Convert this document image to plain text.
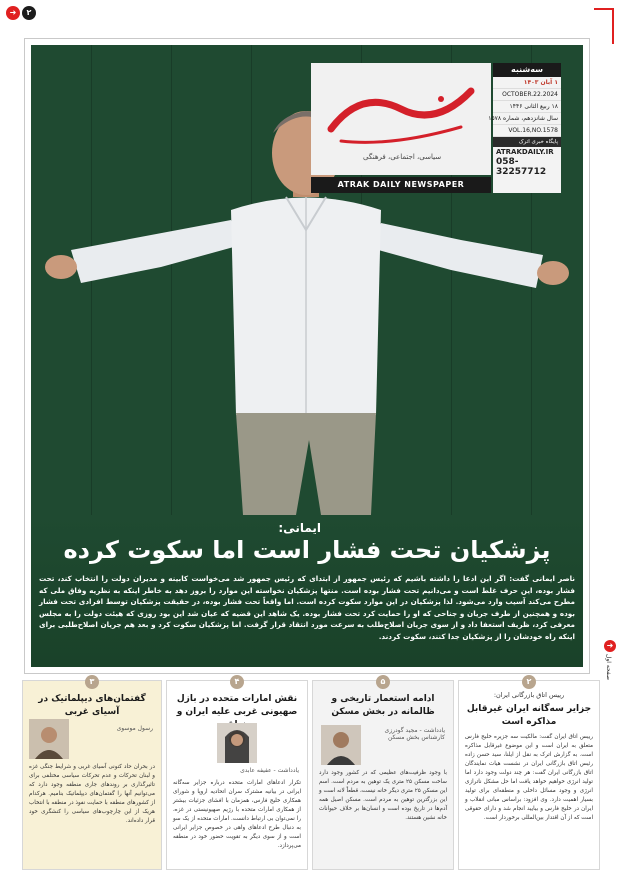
➜	۲
سیاسی، اجتماعی، فرهنگی
ATRAK DAILY NEWSPAPER
سه‌شنبه
۱ آبان ۱۴۰۳
OCTOBER.22.2024
۱۸ ربیع الثانی ۱۴۴۶
سال شانزدهم، شماره ۱۵۷۸
VOL.16,NO.1578
پایگاه خبری اترک
ATRAKDAILY.IR
058-32257712
ایمانی:
پزشکیان تحت فشار است اما سکوت کرده
ناصر ایمانی گفت: اگر این ادعا را داشته باشیم که رئیس جمهور از ابتدای که رئیس جمهور شد می‌خواست کابینه و مدیران دولت را انتخاب کند، تحت فشار بوده، این حرف غلط است و می‌دانیم تحت فشار بوده است. منتها پزشکیان نخواسته این موارد را بروز دهد به خاطر اینکه به نظریه وفاق ملی که مطرح می‌کند آسیب وارد می‌شود. لذا پزشکیان در این موارد سکوت کرده است. اما واقعاً تحت فشار بوده، در حقیقت پزشکیان توسط افرادی تحت فشار بوده و همچنین از طرف جریان و جناحی که او را حمایت کرد تحت فشار بوده. یک شاهد این قضیه که عیان شد این بود روزی که هیئت دولت را به مجلس معرفی کرد، ظریف استعفا داد و از سوی جریان اصلاح‌طلب به سرعت مورد انتقاد قرار گرفت. اما پزشکیان سکوت کرد و بعد هم جریان اصلاح‌طلبی برای اینکه راه خودشان را از پزشکیان جدا کنند، سکوت کردند.
➜
صفحه اول
۲
رییس اتاق بازرگانی ایران:
جزایر سه‌گانه ایران غیرقابل مذاکره است
رییس اتاق ایران گفت: مالکیت سه جزیره خلیج فارس متعلق به ایران است و این موضوع غیرقابل مذاکره است. به گزارش اترک به نقل از ایلنا، سید حسن زاده رئیس اتاق بازرگانی ایران در نشست هیات نمایندگان اتاق بازرگانی ایران گفت: هر چند دولت وجود دارد اما تولید انرژی خواهیم خواهد یافت اما حل مشکل ناترازی انرژی و وجود مسائل داخلی و منطقه‌ای برای تولید بسیار اهمیت دارد. وی افزود: براساس مبانی انقلاب و ایران در خلیج فارس و بیایید انجام شد و دارای حقوقی است که از آن اقتدار بین‌المللی برخوردار است.
۵
ادامه استعمار تاریخی و ظالمانه در بخش مسکن
یادداشت - مجید گودرزی
کارشناس بخش مسکن
با وجود ظرفیت‌های عظیمی که در کشور وجود دارد ساخت مسکن ۲۵ متری یک توهین به مردم است. اسم این مسکن ۲۵ متری دیگر خانه نیست، قطعاً لانه است و این بزرگترین توهین به مردم است. مسکن اصیل همه آدم‌ها در تاریخ بوده است و انسان‌ها بر خلاف حیوانات خانه نشین هستند.
۴
نقش امارات متحده در بازل صهیونی غربی علیه ایران و
یادداشت - عفیفه عابدی
تکرار ادعاهای امارات متحده درباره جزایر سه‌گانه ایرانی در بیانیه مشترک سران اتحادیه اروپا و شورای همکاری خلیج فارس، همزمان با افشای جزئیات بیشتر از همکاری امارات متحده با رژیم صهیونیستی در غزه، را نمی‌توان بی ارتباط دانست. امارات متحده از یک سو به دنبال طرح ادعاهای واهی در خصوص جزایر ایرانی است و از سوی دیگر به تقویت حضور خود در منطقه می‌پردازد.
۳
گفتمان‌های دیپلماتیک در آسیای غربی
رسول موسوی
در بحران حاد کنونی آسیای غربی و شرایط جنگی غزه و لبنان تحرکات و عدم تحرکات سیاسی مختلفی برای تاثیرگذاری بر روندهای جاری منطقه وجود دارد که می‌توانیم آنها را گفتمان‌های دیپلماتیک بنامیم. هرکدام از کشورهای منطقه با حمایت نفوذ در منطقه با انتخاب هریک از این چارچوب‌های سیاسی را کنشگری خود قرار داده‌اند.
